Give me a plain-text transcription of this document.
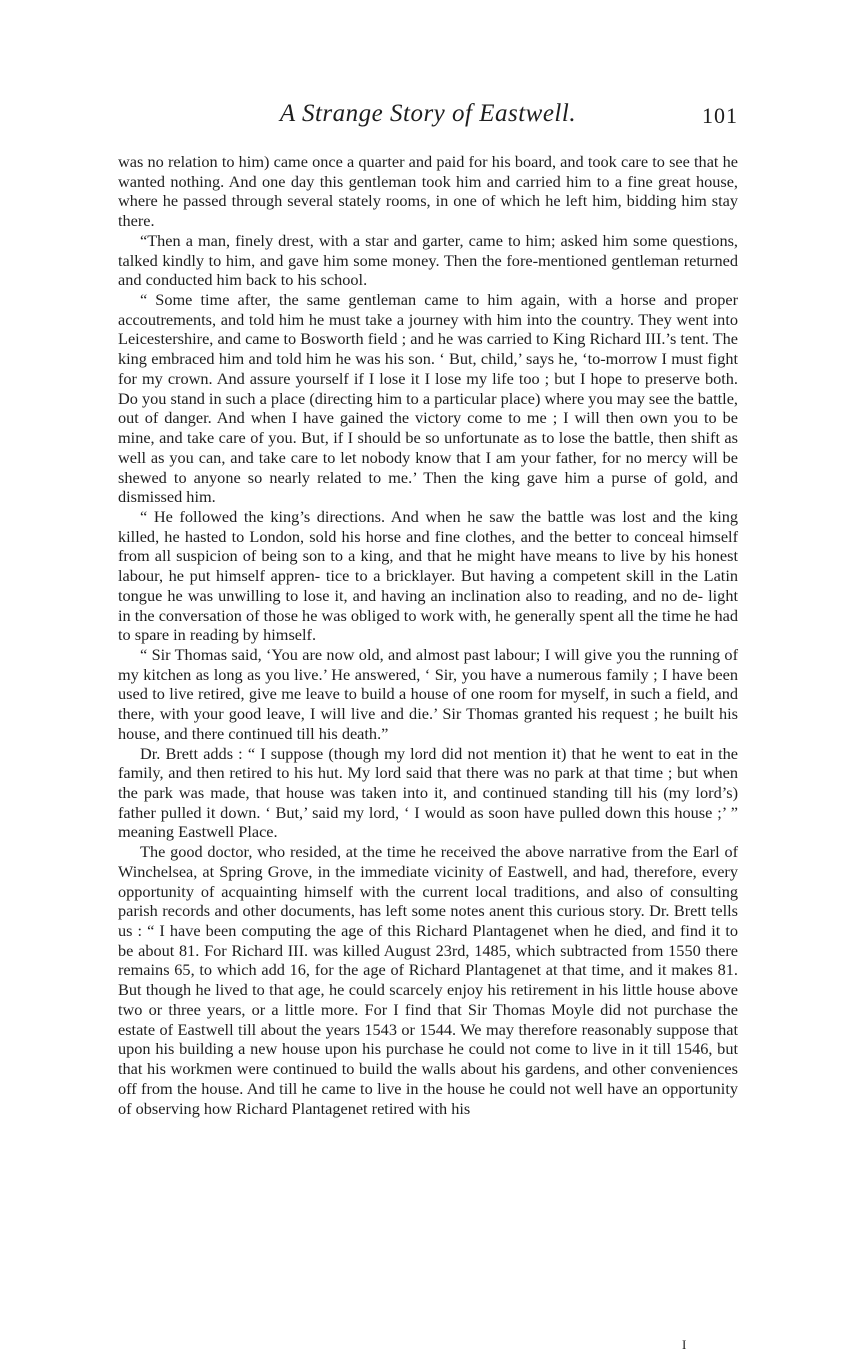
A Strange Story of Eastwell.	101

was no relation to him) came once a quarter and paid for his board, and took care to see that he wanted nothing. And one day this gentleman took him and carried him to a fine great house, where he passed through several stately rooms, in one of which he left him, bidding him stay there.

“Then a man, finely drest, with a star and garter, came to him; asked him some questions, talked kindly to him, and gave him some money. Then the fore-mentioned gentleman returned and conducted him back to his school.

“ Some time after, the same gentleman came to him again, with a horse and proper accoutrements, and told him he must take a journey with him into the country. They went into Leicestershire, and came to Bosworth field ; and he was carried to King Richard III.’s tent. The king embraced him and told him he was his son. ‘ But, child,’ says he, ‘to-morrow I must fight for my crown. And assure yourself if I lose it I lose my life too ; but I hope to preserve both. Do you stand in such a place (directing him to a particular place) where you may see the battle, out of danger. And when I have gained the victory come to me ; I will then own you to be mine, and take care of you. But, if I should be so unfortunate as to lose the battle, then shift as well as you can, and take care to let nobody know that I am your father, for no mercy will be shewed to anyone so nearly related to me.’ Then the king gave him a purse of gold, and dismissed him.

“ He followed the king’s directions. And when he saw the battle was lost and the king killed, he hasted to London, sold his horse and fine clothes, and the better to conceal himself from all suspicion of being son to a king, and that he might have means to live by his honest labour, he put himself appren- tice to a bricklayer. But having a competent skill in the Latin tongue he was unwilling to lose it, and having an inclination also to reading, and no de- light in the conversation of those he was obliged to work with, he generally spent all the time he had to spare in reading by himself.

“ Sir Thomas said, ‘You are now old, and almost past labour; I will give you the running of my kitchen as long as you live.’ He answered, ‘ Sir, you have a numerous family ; I have been used to live retired, give me leave to build a house of one room for myself, in such a field, and there, with your good leave, I will live and die.’ Sir Thomas granted his request ; he built his house, and there continued till his death.”

Dr. Brett adds : “ I suppose (though my lord did not mention it) that he went to eat in the family, and then retired to his hut. My lord said that there was no park at that time ; but when the park was made, that house was taken into it, and continued standing till his (my lord’s) father pulled it down. ‘ But,’ said my lord, ‘ I would as soon have pulled down this house ;’ ” meaning Eastwell Place.

The good doctor, who resided, at the time he received the above narrative from the Earl of Winchelsea, at Spring Grove, in the immediate vicinity of Eastwell, and had, therefore, every opportunity of acquainting himself with the current local traditions, and also of consulting parish records and other documents, has left some notes anent this curious story. Dr. Brett tells us : “ I have been computing the age of this Richard Plantagenet when he died, and find it to be about 81. For Richard III. was killed August 23rd, 1485, which subtracted from 1550 there remains 65, to which add 16, for the age of Richard Plantagenet at that time, and it makes 81. But though he lived to that age, he could scarcely enjoy his retirement in his little house above two or three years, or a little more. For I find that Sir Thomas Moyle did not purchase the estate of Eastwell till about the years 1543 or 1544. We may therefore reasonably suppose that upon his building a new house upon his purchase he could not come to live in it till 1546, but that his workmen were continued to build the walls about his gardens, and other conveniences off from the house. And till he came to live in the house he could not well have an opportunity of observing how Richard Plantagenet retired with his

I
